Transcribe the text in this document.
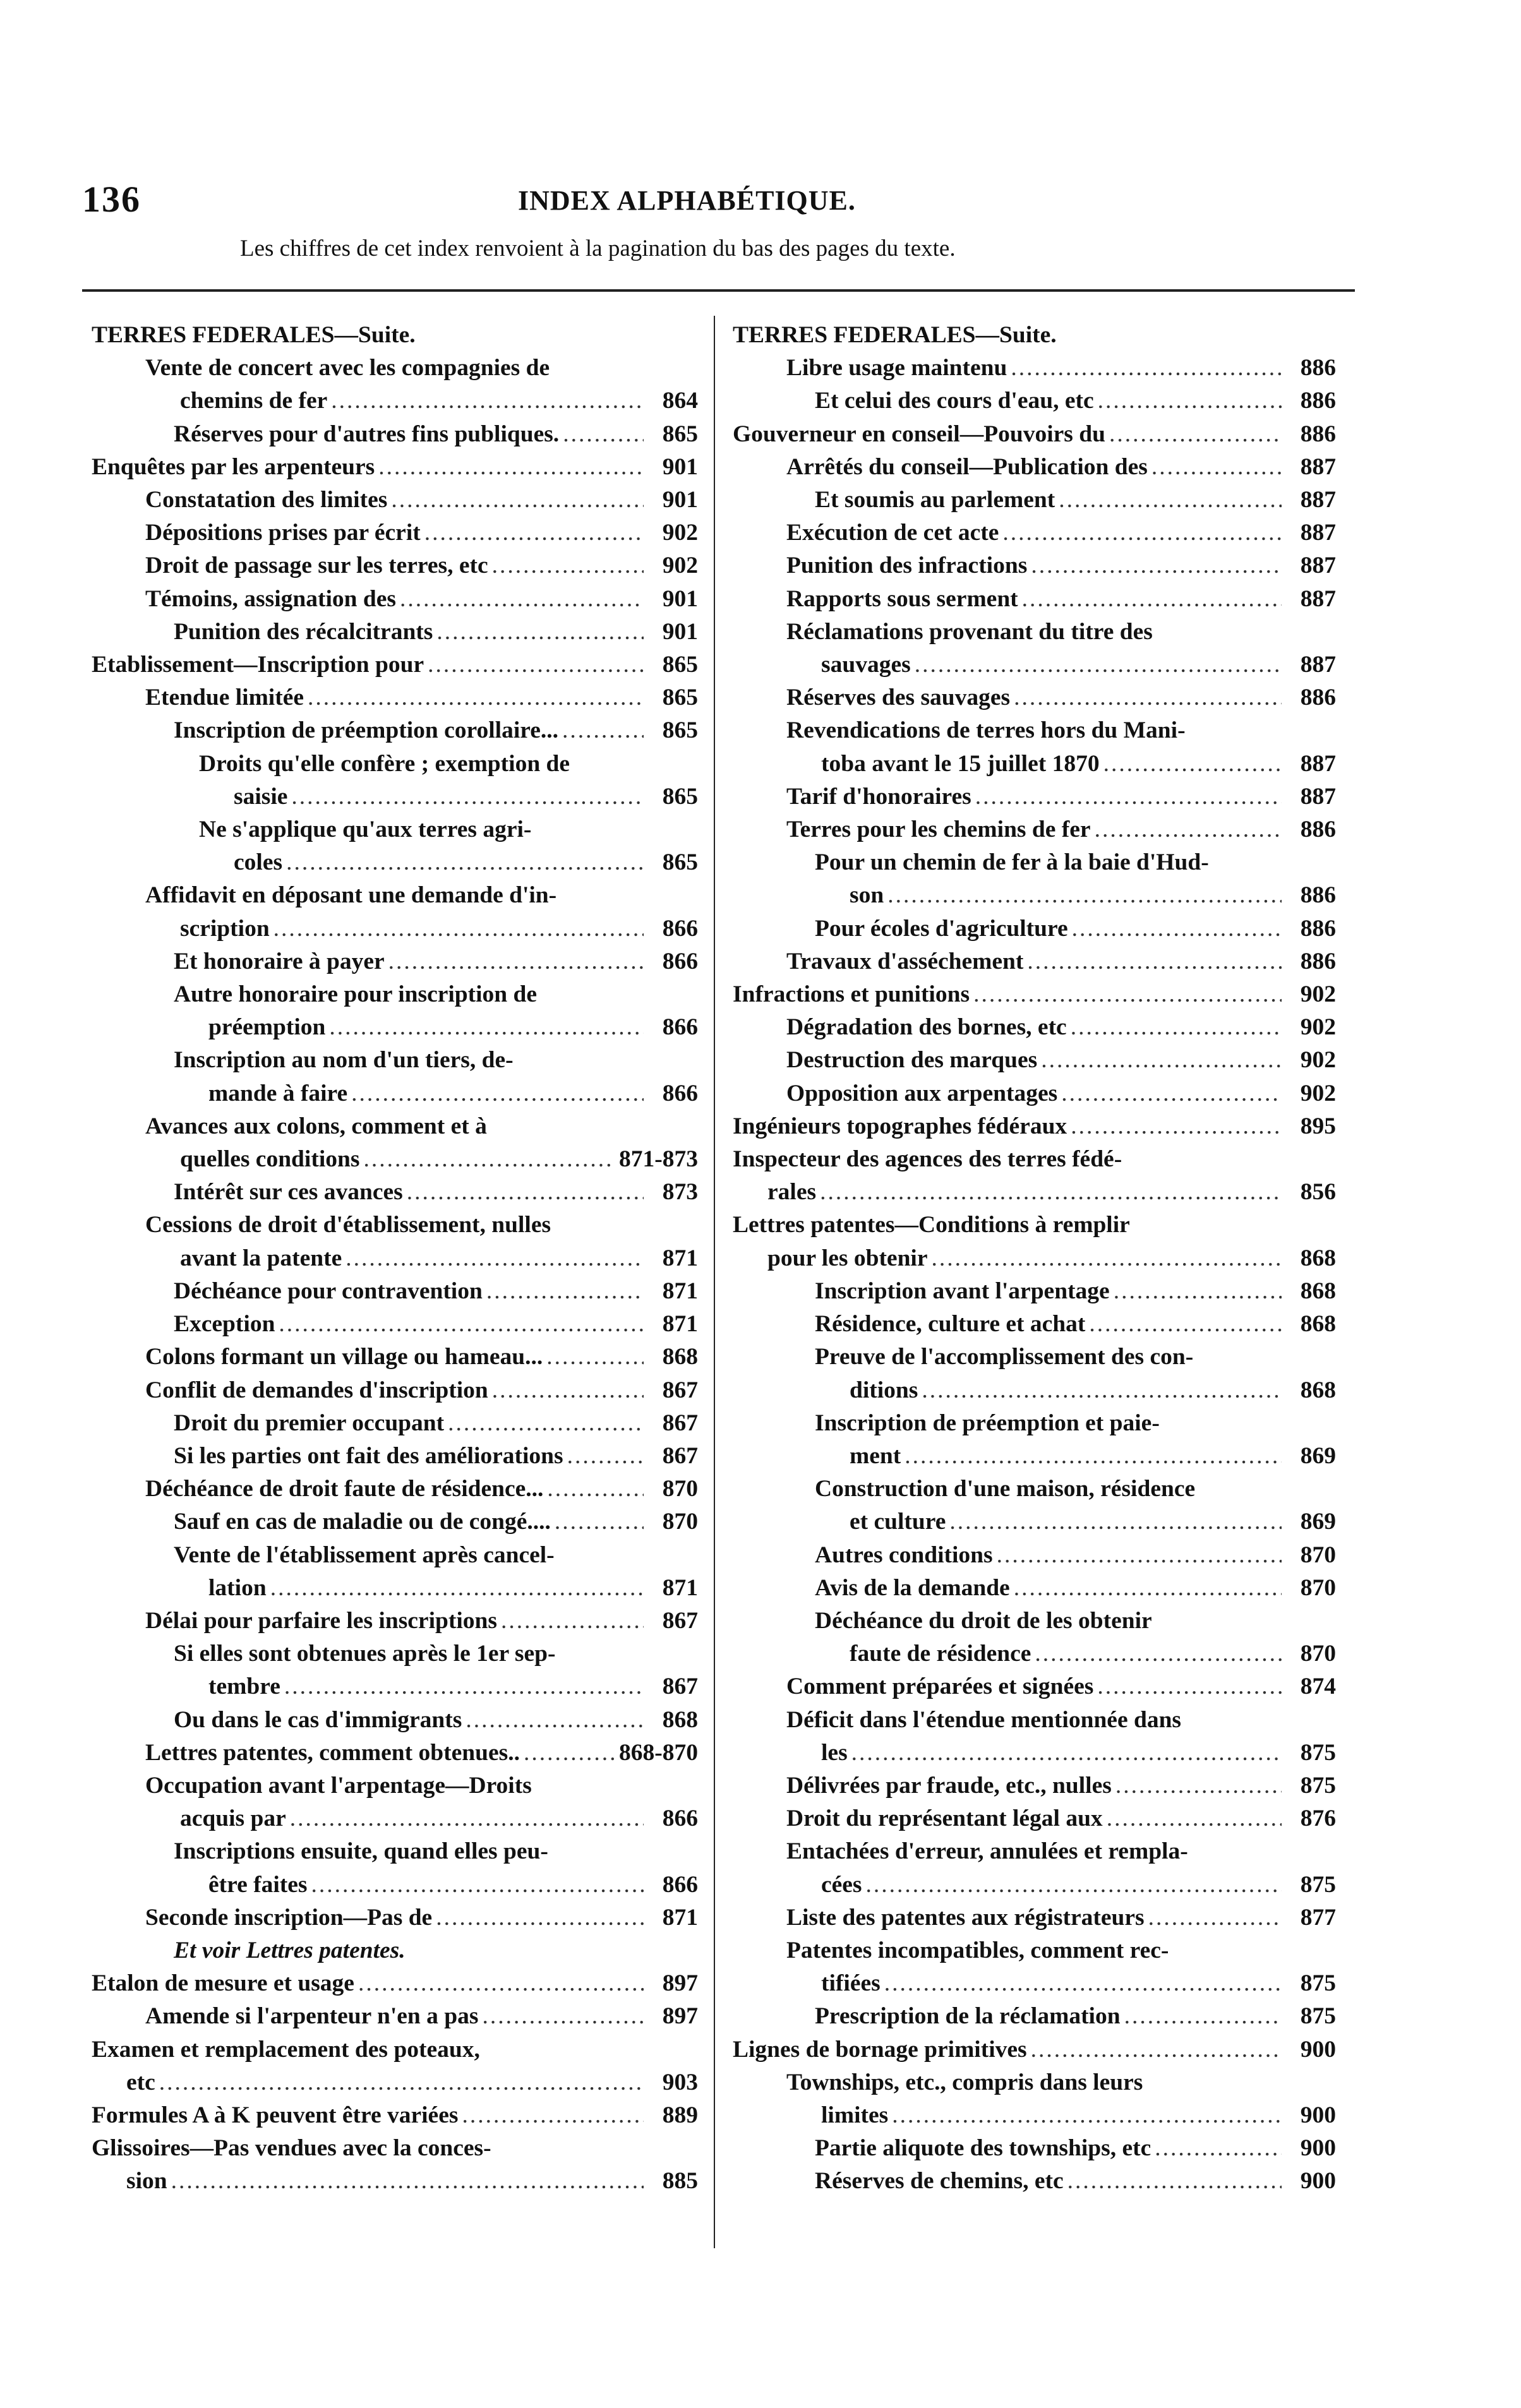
136	INDEX ALPHABÉTIQUE.
Les chiffres de cet index renvoient à la pagination du bas des pages du texte.
TERRES FEDERALES—Suite.
Vente de concert avec les compagnies de
chemins de fer .....	864
Réserves pour d'autres fins publiques. .....	865
Enquêtes par les arpenteurs .....	901
Constatation des limites .....	901
Dépositions prises par écrit .....	902
Droit de passage sur les terres, etc .....	902
Témoins, assignation des .....	901
Punition des récalcitrants .....	901
Etablissement—Inscription pour .....	865
Etendue limitée .....	865
Inscription de préemption corollaire... .....	865
Droits qu'elle confère ; exemption de
saisie .....	865
Ne s'applique qu'aux terres agri-
coles .....	865
Affidavit en déposant une demande d'in-
scription .....	866
Et honoraire à payer .....	866
Autre honoraire pour inscription de
préemption .....	866
Inscription au nom d'un tiers, de-
mande à faire .....	866
Avances aux colons, comment et à
quelles conditions .....	871-873
Intérêt sur ces avances .....	873
Cessions de droit d'établissement, nulles
avant la patente .....	871
Déchéance pour contravention .....	871
Exception .....	871
Colons formant un village ou hameau... .....	868
Conflit de demandes d'inscription .....	867
Droit du premier occupant .....	867
Si les parties ont fait des améliorations .....	867
Déchéance de droit faute de résidence... .....	870
Sauf en cas de maladie ou de congé.... .....	870
Vente de l'établissement après cancel-
lation .....	871
Délai pour parfaire les inscriptions .....	867
Si elles sont obtenues après le 1er sep-
tembre .....	867
Ou dans le cas d'immigrants .....	868
Lettres patentes, comment obtenues.. .....	868-870
Occupation avant l'arpentage—Droits
acquis par .....	866
Inscriptions ensuite, quand elles peu-
être faites .....	866
Seconde inscription—Pas de .....	871
Et voir Lettres patentes.
Etalon de mesure et usage .....	897
Amende si l'arpenteur n'en a pas .....	897
Examen et remplacement des poteaux,
etc .....	903
Formules A à K peuvent être variées .....	889
Glissoires—Pas vendues avec la conces-
sion .....	885
TERRES FEDERALES—Suite.
Libre usage maintenu .....	886
Et celui des cours d'eau, etc .....	886
Gouverneur en conseil—Pouvoirs du .....	886
Arrêtés du conseil—Publication des .....	887
Et soumis au parlement .....	887
Exécution de cet acte .....	887
Punition des infractions .....	887
Rapports sous serment .....	887
Réclamations provenant du titre des
sauvages .....	887
Réserves des sauvages .....	886
Revendications de terres hors du Mani-
toba avant le 15 juillet 1870 .....	887
Tarif d'honoraires .....	887
Terres pour les chemins de fer .....	886
Pour un chemin de fer à la baie d'Hud-
son .....	886
Pour écoles d'agriculture .....	886
Travaux d'asséchement .....	886
Infractions et punitions .....	902
Dégradation des bornes, etc .....	902
Destruction des marques .....	902
Opposition aux arpentages .....	902
Ingénieurs topographes fédéraux .....	895
Inspecteur des agences des terres fédé-
rales .....	856
Lettres patentes—Conditions à remplir
pour les obtenir .....	868
Inscription avant l'arpentage .....	868
Résidence, culture et achat .....	868
Preuve de l'accomplissement des con-
ditions .....	868
Inscription de préemption et paie-
ment .....	869
Construction d'une maison, résidence
et culture .....	869
Autres conditions .....	870
Avis de la demande .....	870
Déchéance du droit de les obtenir
faute de résidence .....	870
Comment préparées et signées .....	874
Déficit dans l'étendue mentionnée dans
les .....	875
Délivrées par fraude, etc., nulles .....	875
Droit du représentant légal aux .....	876
Entachées d'erreur, annulées et rempla-
cées .....	875
Liste des patentes aux régistrateurs .....	877
Patentes incompatibles, comment rec-
tifiées .....	875
Prescription de la réclamation .....	875
Lignes de bornage primitives .....	900
Townships, etc., compris dans leurs
limites .....	900
Partie aliquote des townships, etc .....	900
Réserves de chemins, etc .....	900
